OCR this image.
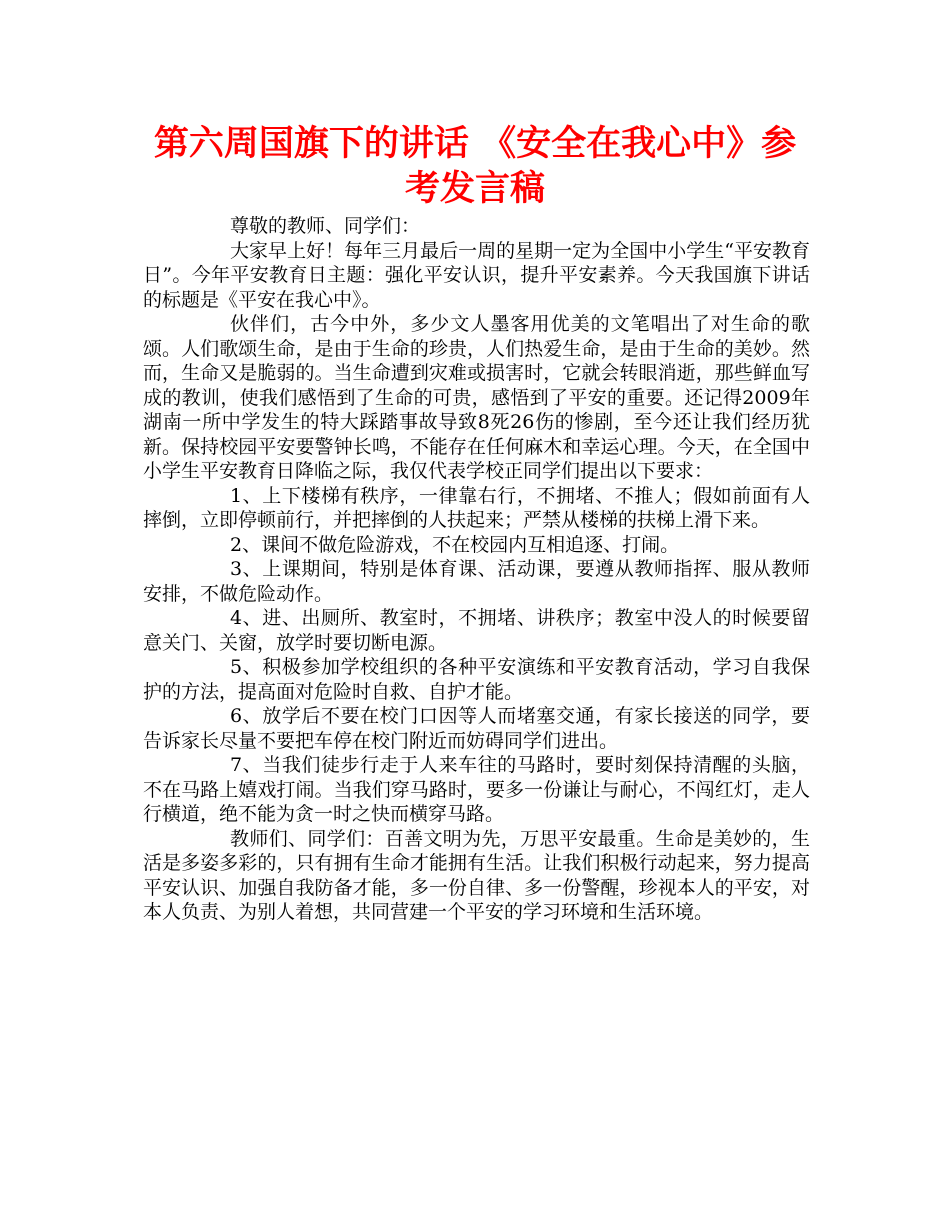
第六周国旗下的讲话 《安全在我心中》参考发言稿

尊敬的教师、同学们：

大家早上好！每年三月最后一周的星期一定为全国中小学生“平安教育日”。今年平安教育日主题：强化平安认识，提升平安素养。今天我国旗下讲话的标题是《平安在我心中》。

伙伴们，古今中外，多少文人墨客用优美的文笔唱出了对生命的歌颂。人们歌颂生命，是由于生命的珍贵，人们热爱生命，是由于生命的美妙。然而，生命又是脆弱的。当生命遭到灾难或损害时，它就会转眼消逝，那些鲜血写成的教训，使我们感悟到了生命的可贵，感悟到了平安的重要。还记得2009年湖南一所中学发生的特大踩踏事故导致8死26伤的惨剧，至今还让我们经历犹新。保持校园平安要警钟长鸣，不能存在任何麻木和幸运心理。今天，在全国中小学生平安教育日降临之际，我仅代表学校正同学们提出以下要求：

1、上下楼梯有秩序，一律靠右行，不拥堵、不推人；假如前面有人摔倒，立即停顿前行，并把摔倒的人扶起来；严禁从楼梯的扶梯上滑下来。

2、课间不做危险游戏，不在校园内互相追逐、打闹。

3、上课期间，特别是体育课、活动课，要遵从教师指挥、服从教师安排，不做危险动作。

4、进、出厕所、教室时，不拥堵、讲秩序；教室中没人的时候要留意关门、关窗，放学时要切断电源。

5、积极参加学校组织的各种平安演练和平安教育活动，学习自我保护的方法，提高面对危险时自救、自护才能。

6、放学后不要在校门口因等人而堵塞交通，有家长接送的同学，要告诉家长尽量不要把车停在校门附近而妨碍同学们进出。

7、当我们徒步行走于人来车往的马路时，要时刻保持清醒的头脑，不在马路上嬉戏打闹。当我们穿马路时，要多一份谦让与耐心，不闯红灯，走人行横道，绝不能为贪一时之快而横穿马路。

教师们、同学们：百善文明为先，万思平安最重。生命是美妙的，生活是多姿多彩的，只有拥有生命才能拥有生活。让我们积极行动起来，努力提高平安认识、加强自我防备才能，多一份自律、多一份警醒，珍视本人的平安，对本人负责、为别人着想，共同营建一个平安的学习环境和生活环境。
